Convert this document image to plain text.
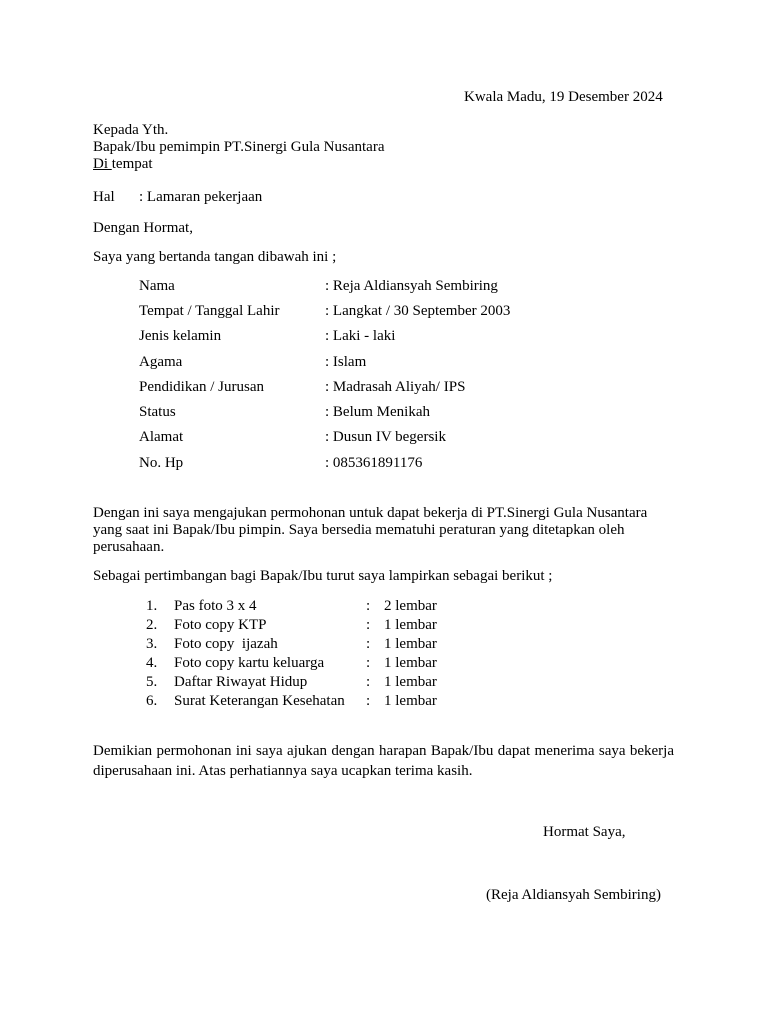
Kwala Madu, 19 Desember 2024
Kepada Yth.
Bapak/Ibu pemimpin PT.Sinergi Gula Nusantara
Di tempat
Hal : Lamaran pekerjaan
Dengan Hormat,
Saya yang bertanda tangan dibawah ini ;
Nama	: Reja Aldiansyah Sembiring
Tempat / Tanggal Lahir	: Langkat / 30 September 2003
Jenis kelamin	: Laki - laki
Agama	: Islam
Pendidikan / Jurusan	: Madrasah Aliyah/ IPS
Status	: Belum Menikah
Alamat	: Dusun IV begersik
No. Hp	: 085361891176
Dengan ini saya mengajukan permohonan untuk dapat bekerja di PT.Sinergi Gula Nusantara yang saat ini Bapak/Ibu pimpin. Saya bersedia mematuhi peraturan yang ditetapkan oleh perusahaan.
Sebagai pertimbangan bagi Bapak/Ibu turut saya lampirkan sebagai berikut ;
1. Pas foto 3 x 4	: 2 lembar
2. Foto copy KTP	: 1 lembar
3. Foto copy  ijazah	: 1 lembar
4. Foto copy kartu keluarga	: 1 lembar
5. Daftar Riwayat Hidup	: 1 lembar
6. Surat Keterangan Kesehatan : 1 lembar
Demikian permohonan ini saya ajukan dengan harapan Bapak/Ibu dapat menerima saya bekerja diperusahaan ini. Atas perhatiannya saya ucapkan terima kasih.
Hormat Saya,
(Reja Aldiansyah Sembiring)
